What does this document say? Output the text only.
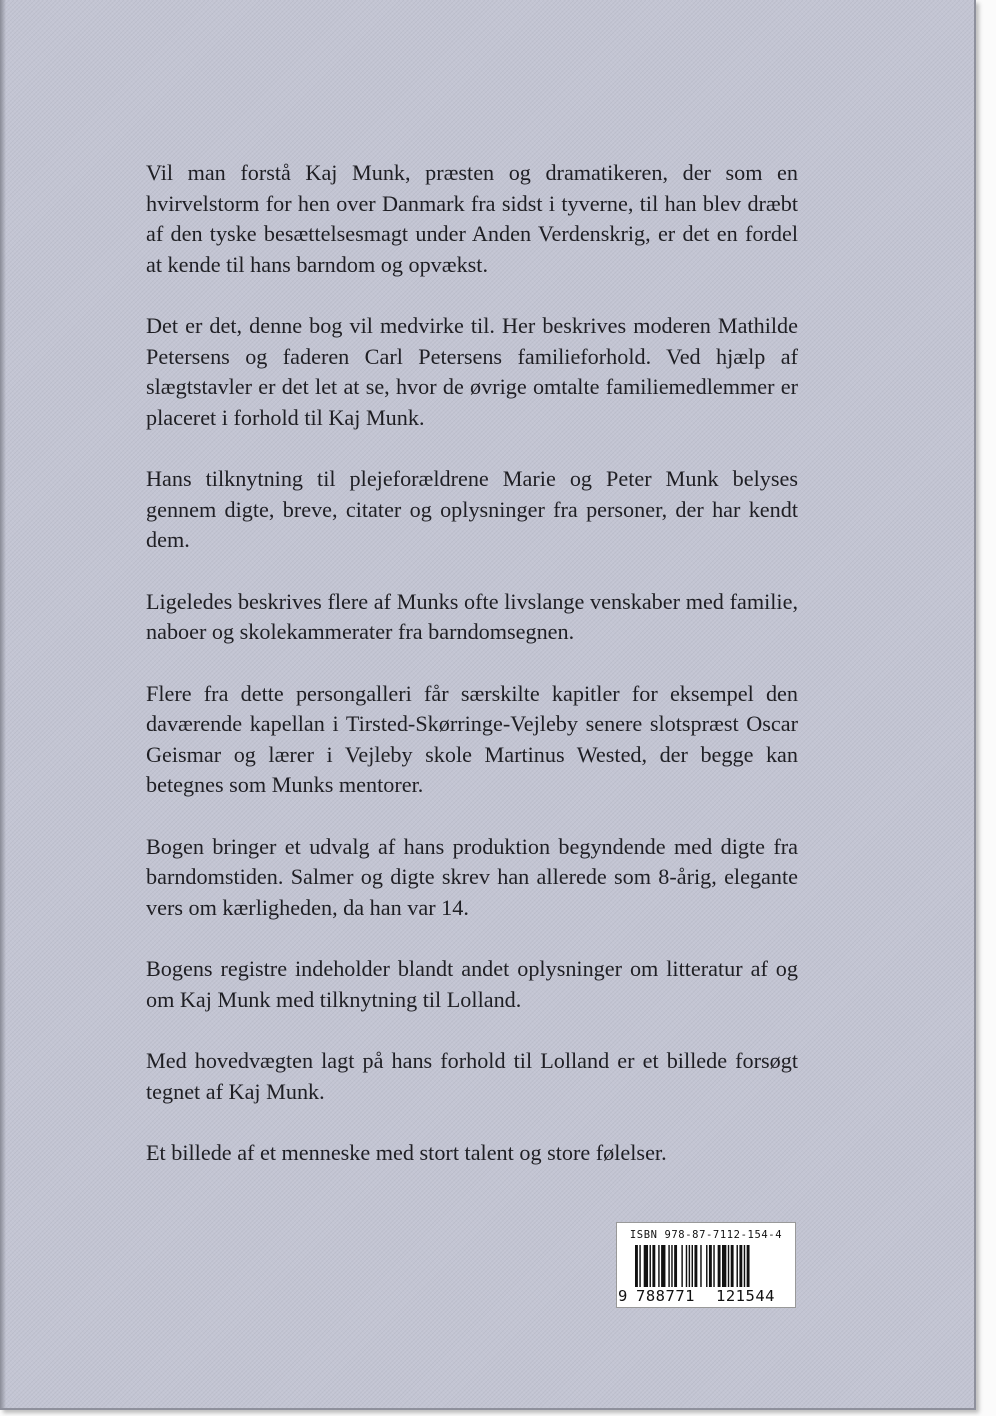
Vil man forstå Kaj Munk, præsten og dramatikeren, der som en hvirvelstorm for hen over Danmark fra sidst i tyverne, til han blev dræbt af den tyske besættelsesmagt under Anden Verdenskrig, er det en fordel at kende til hans barndom og opvækst.

Det er det, denne bog vil medvirke til. Her beskrives moderen Mathilde Petersens og faderen Carl Petersens familieforhold. Ved hjælp af slægtstavler er det let at se, hvor de øvrige omtalte familiemedlemmer er placeret i forhold til Kaj Munk.

Hans tilknytning til plejeforældrene Marie og Peter Munk belyses gennem digte, breve, citater og oplysninger fra personer, der har kendt dem.

Ligeledes beskrives flere af Munks ofte livslange venskaber med familie, naboer og skolekammerater fra barndomsegnen.

Flere fra dette persongalleri får særskilte kapitler for eksempel den daværende kapellan i Tirsted-Skørringe-Vejleby senere slotspræst Oscar Geismar og lærer i Vejleby skole Martinus Wested, der begge kan betegnes som Munks mentorer.

Bogen bringer et udvalg af hans produktion begyndende med digte fra barndomstiden. Salmer og digte skrev han allerede som 8-årig, elegante vers om kærligheden, da han var 14.

Bogens registre indeholder blandt andet oplysninger om litteratur af og om Kaj Munk med tilknytning til Lolland.

Med hovedvægten lagt på hans forhold til Lolland er et billede forsøgt tegnet af Kaj Munk.

Et billede af et menneske med stort talent og store følelser.

ISBN 978-87-7112-154-4
9 788771 121544
